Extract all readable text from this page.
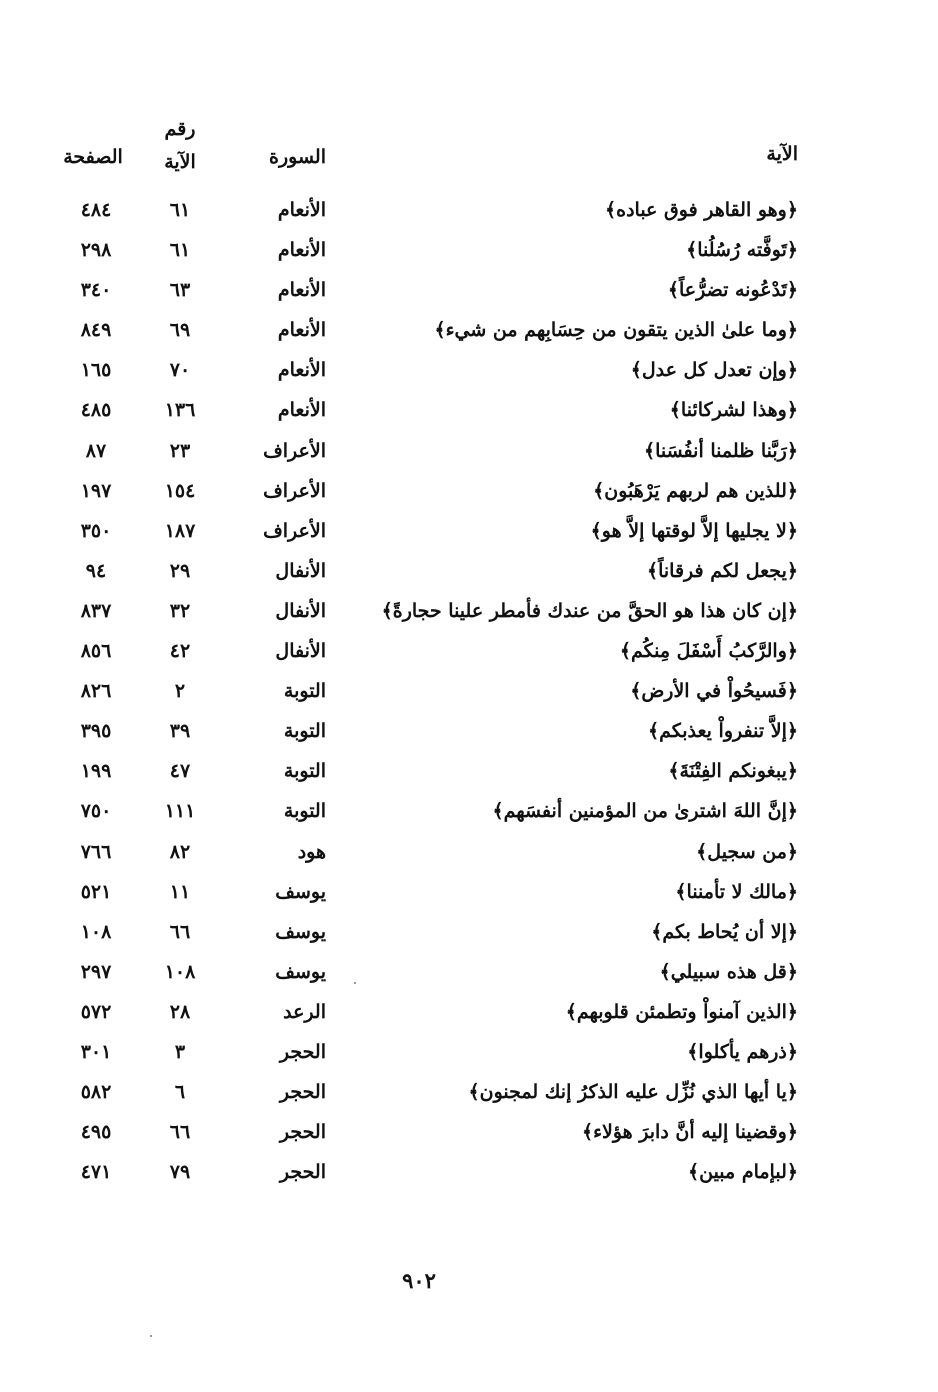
الآية
السورة
رقم
الآية
الصفحة
﴿وهو القاهر فوق عباده﴾
الأنعام
٦١
٤٨٤
﴿تَوفَّته رُسُلُنا﴾
الأنعام
٦١
٢٩٨
﴿تَدْعُونه تضرُّعاً﴾
الأنعام
٦٣
٣٤٠
﴿وما علىٰ الذين يتقون من حِسَابِهم من شيء﴾
الأنعام
٦٩
٨٤٩
﴿وإن تعدل كل عدل﴾
الأنعام
٧٠
١٦٥
﴿وهذا لشركائنا﴾
الأنعام
١٣٦
٤٨٥
﴿رَبَّنا ظلمنا أنفُسَنا﴾
الأعراف
٢٣
٨٧
﴿للذين هم لربهم يَرْهَبُون﴾
الأعراف
١٥٤
١٩٧
﴿لا يجليها إلاَّ لوقتها إلاَّ هو﴾
الأعراف
١٨٧
٣٥٠
﴿يجعل لكم فرقاناً﴾
الأنفال
٢٩
٩٤
﴿إن كان هذا هو الحقَّ من عندك فأمطر علينا حجارةً﴾
الأنفال
٣٢
٨٣٧
﴿والرَّكبُ أَسْفَلَ مِنكُم﴾
الأنفال
٤٢
٨٥٦
﴿فَسيحُواْ في الأرض﴾
التوبة
٢
٨٢٦
﴿إلاَّ تنفرواْ يعذبكم﴾
التوبة
٣٩
٣٩٥
﴿يبغونكم الفِتْنَةَ﴾
التوبة
٤٧
١٩٩
﴿إنَّ اللهَ اشترىٰ من المؤمنين أنفسَهم﴾
التوبة
١١١
٧٥٠
﴿من سجيل﴾
هود
٨٢
٧٦٦
﴿مالك لا تأمننا﴾
يوسف
١١
٥٢١
﴿إلا أن يُحاط بكم﴾
يوسف
٦٦
١٠٨
﴿قل هذه سبيلي﴾
يوسف
١٠٨
٢٩٧
﴿الذين آمنواْ وتطمئن قلوبهم﴾
الرعد
٢٨
٥٧٢
﴿ذرهم يأكلوا﴾
الحجر
٣
٣٠١
﴿يا أيها الذي نُزِّل عليه الذكرُ إنك لمجنون﴾
الحجر
٦
٥٨٢
﴿وقضينا إليه أنَّ دابرَ هؤلاء﴾
الحجر
٦٦
٤٩٥
﴿لبإمام مبين﴾
الحجر
٧٩
٤٧١
٩٠٢
